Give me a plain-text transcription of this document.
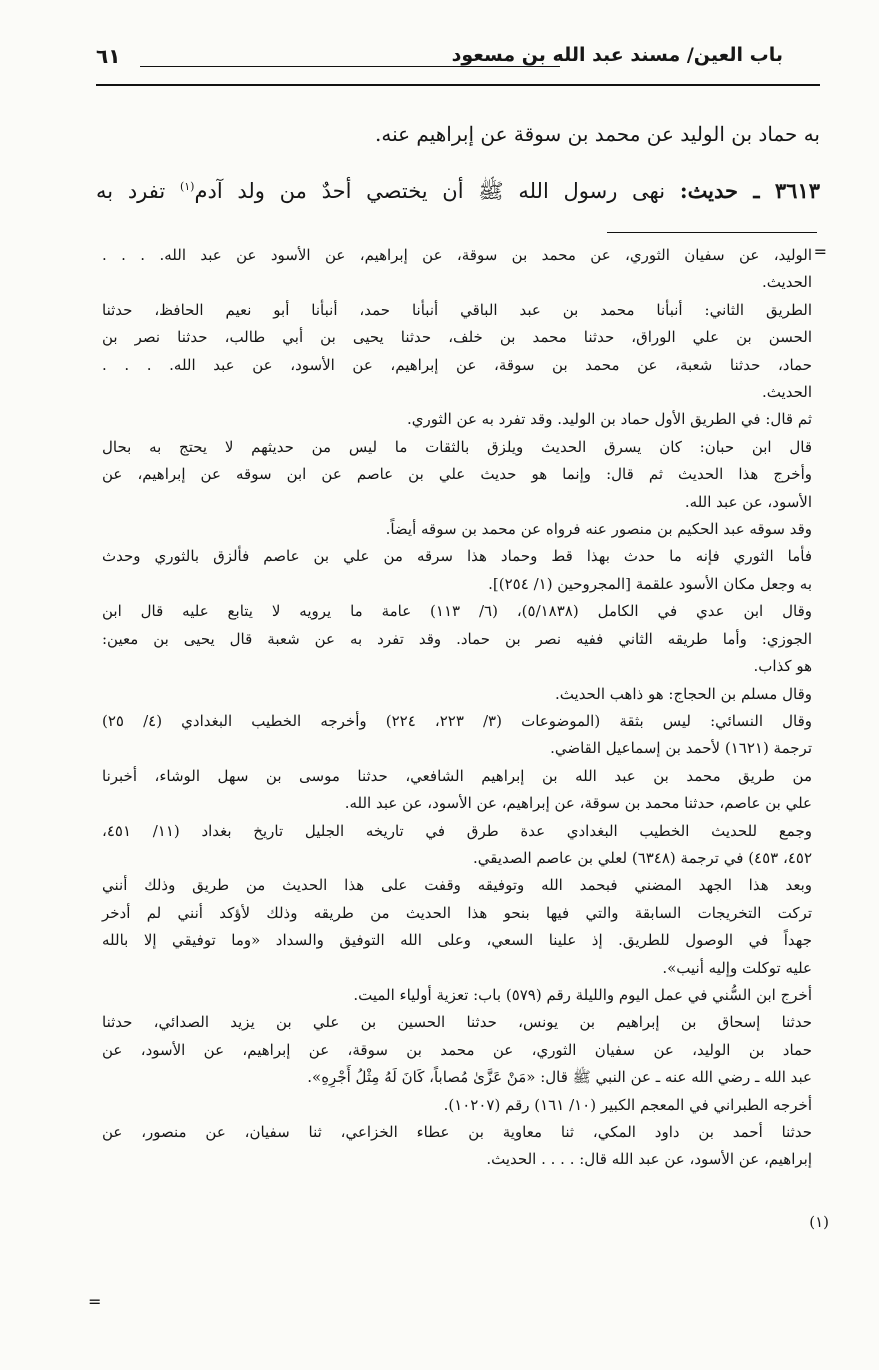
باب العين/ مسند عبد الله بن مسعود
٦١

به حماد بن الوليد عن محمد بن سوقة عن إبراهيم عنه.

٣٦١٣ ـ حديث: نهى رسول الله ﷺ أن يختصي أحدٌ من ولد آدم$^{(١)}$ تفرد به

=

الوليد، عن سفيان الثوري، عن محمد بن سوقة، عن إبراهيم، عن الأسود عن عبد الله. . . .

الحديث.

الطريق الثاني: أنبأنا محمد بن عبد الباقي أنبأنا حمد، أنبأنا أبو نعيم الحافظ، حدثنا

الحسن بن علي الوراق، حدثنا محمد بن خلف، حدثنا يحيى بن أبي طالب، حدثنا نصر بن

حماد، حدثنا شعبة، عن محمد بن سوقة، عن إبراهيم، عن الأسود، عن عبد الله. . . .

الحديث.

ثم قال: في الطريق الأول حماد بن الوليد. وقد تفرد به عن الثوري.

قال ابن حبان: كان يسرق الحديث ويلزق بالثقات ما ليس من حديثهم لا يحتج به بحال

وأخرج هذا الحديث ثم قال: وإنما هو حديث علي بن عاصم عن ابن سوقه عن إبراهيم، عن

الأسود، عن عبد الله.

وقد سوقه عبد الحكيم بن منصور عنه فرواه عن محمد بن سوقه أيضاً.

فأما الثوري فإنه ما حدث بهذا قط وحماد هذا سرقه من علي بن عاصم فألزق بالثوري وحدث

به وجعل مكان الأسود علقمة [المجروحين (١/ ٢٥٤)].

وقال ابن عدي في الكامل (٥/١٨٣٨)، (٦/ ١١٣) عامة ما يرويه لا يتابع عليه قال ابن

الجوزي: وأما طريقه الثاني ففيه نصر بن حماد. وقد تفرد به عن شعبة قال يحيى بن معين:

هو كذاب.

وقال مسلم بن الحجاج: هو ذاهب الحديث.

وقال النسائي: ليس بثقة (الموضوعات (٣/ ٢٢٣، ٢٢٤) وأخرجه الخطيب البغدادي (٤/ ٢٥)

ترجمة (١٦٢١) لأحمد بن إسماعيل القاضي.

من طريق محمد بن عبد الله بن إبراهيم الشافعي، حدثنا موسى بن سهل الوشاء، أخبرنا

علي بن عاصم، حدثنا محمد بن سوقة، عن إبراهيم، عن الأسود، عن عبد الله.

وجمع للحديث الخطيب البغدادي عدة طرق في تاريخه الجليل تاريخ بغداد (١١/ ٤٥١،

٤٥٢، ٤٥٣) في ترجمة (٦٣٤٨) لعلي بن عاصم الصديقي.

وبعد هذا الجهد المضني فبحمد الله وتوفيقه وقفت على هذا الحديث من طريق وذلك أنني

تركت التخريجات السابقة والتي فيها بنحو هذا الحديث من طريقه وذلك لأؤكد أنني لم أدخر

جهداً في الوصول للطريق. إذ علينا السعي، وعلى الله التوفيق والسداد «وما توفيقي إلا بالله

عليه توكلت وإليه أنيب».

أخرج ابن السُّني في عمل اليوم والليلة رقم (٥٧٩) باب: تعزية أولياء الميت.

حدثنا إسحاق بن إبراهيم بن يونس، حدثنا الحسين بن علي بن يزيد الصدائي، حدثنا

حماد بن الوليد، عن سفيان الثوري، عن محمد بن سوقة، عن إبراهيم، عن الأسود، عن

عبد الله ـ رضي الله عنه ـ عن النبي ﷺ قال: «مَنْ عَزَّىٰ مُصاباً، كَانَ لَهُ مِثْلُ أَجْرِهِ».

أخرجه الطبراني في المعجم الكبير (١٠/ ١٦١) رقم (١٠٢٠٧).

حدثنا أحمد بن داود المكي، ثنا معاوية بن عطاء الخزاعي، ثنا سفيان، عن منصور، عن

إبراهيم، عن الأسود، عن عبد الله قال: . . . . الحديث.

(١)
=
